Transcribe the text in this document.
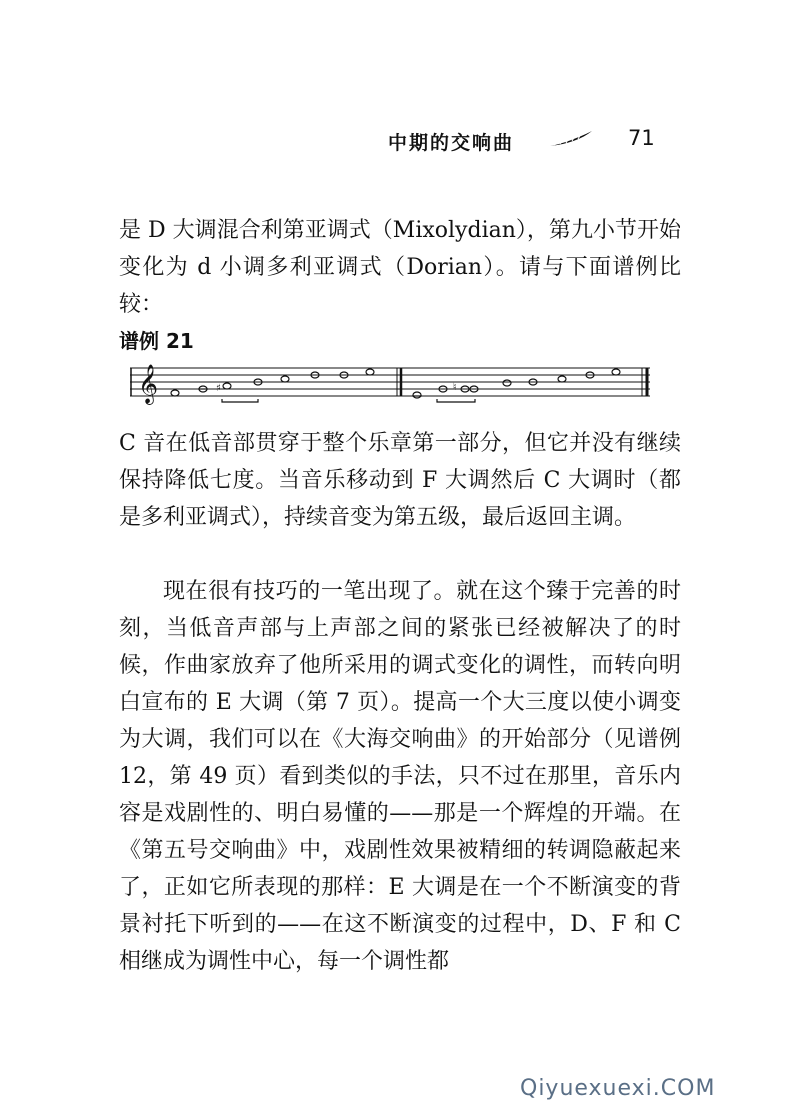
中期的交响曲	71

是 D 大调混合利第亚调式（Mixolydian），第九小节开始变化为 d 小调多利亚调式（Dorian）。请与下面谱例比较：

谱例 21
𝄞	♯	♮

C 音在低音部贯穿于整个乐章第一部分，但它并没有继续保持降低七度。当音乐移动到 F 大调然后 C 大调时（都是多利亚调式），持续音变为第五级，最后返回主调。

现在很有技巧的一笔出现了。就在这个臻于完善的时刻，当低音声部与上声部之间的紧张已经被解决了的时候，作曲家放弃了他所采用的调式变化的调性，而转向明白宣布的 E 大调（第 7 页）。提高一个大三度以使小调变为大调，我们可以在《大海交响曲》的开始部分（见谱例 12，第 49 页）看到类似的手法，只不过在那里，音乐内容是戏剧性的、明白易懂的——那是一个辉煌的开端。在《第五号交响曲》中，戏剧性效果被精细的转调隐蔽起来了，正如它所表现的那样：E 大调是在一个不断演变的背景衬托下听到的——在这不断演变的过程中，D、F 和 C 相继成为调性中心，每一个调性都

Qiyuexuexi.COM
